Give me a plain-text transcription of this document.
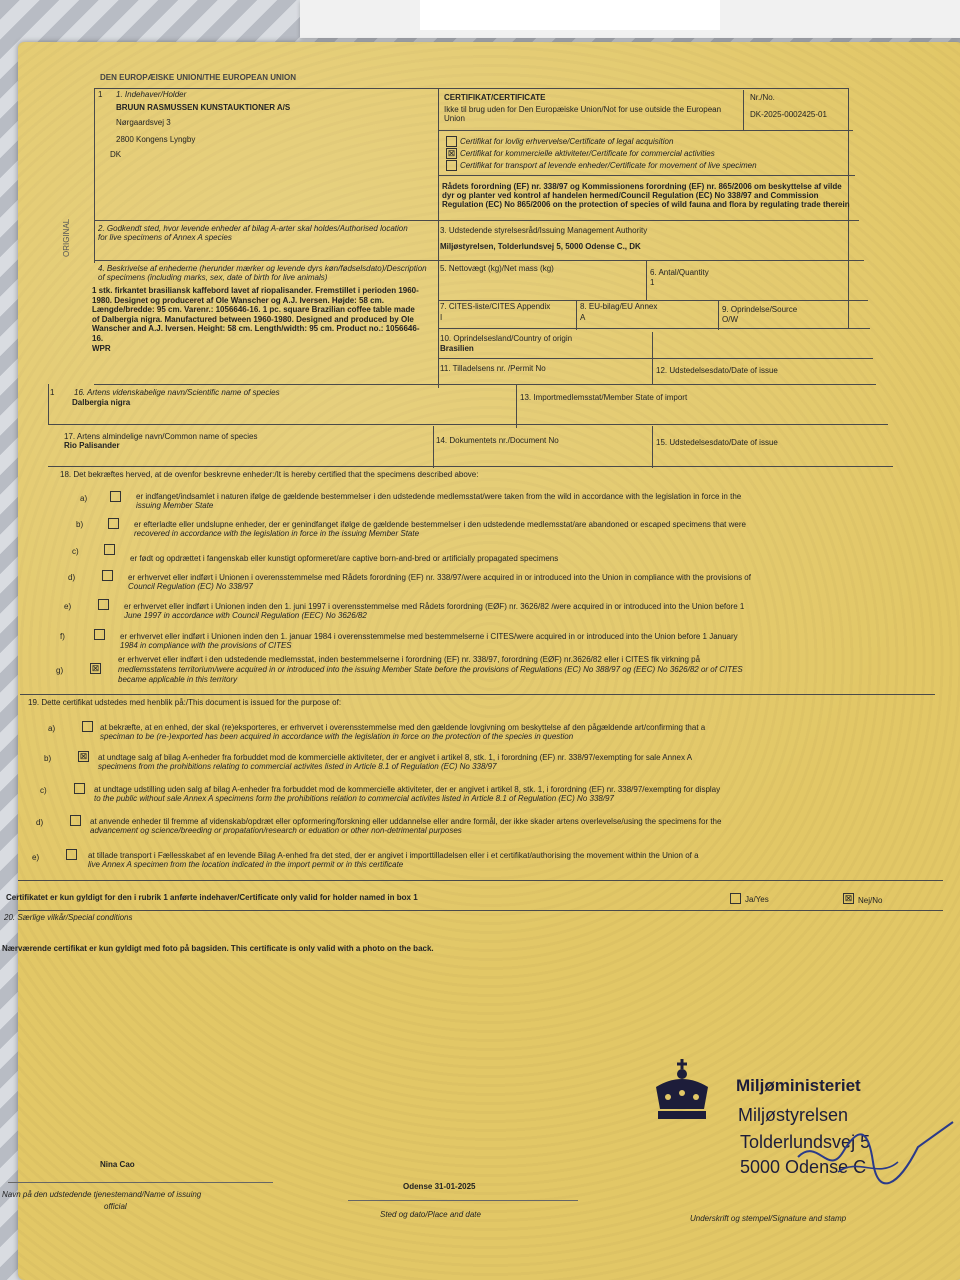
DEN EUROPÆISKE UNION/THE EUROPEAN UNION
ORIGINAL
1 1. Indehaver/Holder
BRUUN RASMUSSEN KUNSTAUKTIONER A/S
Nørgaardsvej 3
2800 Kongens Lyngby
DK
CERTIFIKAT/CERTIFICATE
Ikke til brug uden for Den Europæiske Union/Not for use outside the European Union
Nr./No.
DK-2025-0002425-01
Certifikat for lovlig erhvervelse/Certificate of legal acquisition
⊠ Certifikat for kommercielle aktiviteter/Certificate for commercial activities
Certifikat for transport af levende enheder/Certificate for movement of live specimen
Rådets forordning (EF) nr. 338/97 og Kommissionens forordning (EF) nr. 865/2006 om beskyttelse af vilde dyr og planter ved kontrol af handelen hermed/Council Regulation (EC) No 338/97 and Commission Regulation (EC) No 865/2006 on the protection of species of wild fauna and flora by regulating trade therein
2. Godkendt sted, hvor levende enheder af bilag A-arter skal holdes/Authorised location for live specimens of Annex A species
3. Udstedende styrelsesråd/Issuing Management Authority
Miljøstyrelsen, Tolderlundsvej 5, 5000 Odense C., DK
4. Beskrivelse af enhederne (herunder mærker og levende dyrs køn/fødselsdato)/Description of specimens (including marks, sex, date of birth for live animals)
1 stk. firkantet brasiliansk kaffebord lavet af riopalisander. Fremstillet i perioden 1960-1980. Designet og produceret af Ole Wanscher og A.J. Iversen. Højde: 58 cm. Længde/bredde: 95 cm. Varenr.: 1056646-16. 1 pc. square Brazilian coffee table made of Dalbergia nigra. Manufactured between 1960-1980. Designed and produced by Ole Wanscher and A.J. Iversen. Height: 58 cm. Length/width: 95 cm. Product no.: 1056646-16.
WPR
5. Nettovægt (kg)/Net mass (kg)	6. Antal/Quantity
1
7. CITES-liste/CITES Appendix
I
8. EU-bilag/EU Annex
A
9. Oprindelse/Source
O/W
10. Oprindelsesland/Country of origin
Brasilien
11. Tilladelsens nr. /Permit No	12. Udstedelsesdato/Date of issue
1 16. Artens videnskabelige navn/Scientific name of species
Dalbergia nigra
13. Importmedlemsstat/Member State of import
17. Artens almindelige navn/Common name of species
Rio Palisander
14. Dokumentets nr./Document No	15. Udstedelsesdato/Date of issue
18. Det bekræftes herved, at de ovenfor beskrevne enheder:/It is hereby certified that the specimens described above:
a)	er indfanget/indsamlet i naturen ifølge de gældende bestemmelser i den udstedende medlemsstat/were taken from the wild in accordance with the legislation in force in the
issuing Member State
b)	er efterladte eller undslupne enheder, der er genindfanget ifølge de gældende bestemmelser i den udstedende medlemsstat/are abandoned or escaped specimens that were
recovered in accordance with the legislation in force in the issuing Member State
c)
er født og opdrættet i fangenskab eller kunstigt opformeret/are captive born-and-bred or artificially propagated specimens
d)	er erhvervet eller indført i Unionen i overensstemmelse med Rådets forordning (EF) nr. 338/97/were acquired in or introduced into the Union in compliance with the provisions of
Council Regulation (EC) No 338/97
e)	er erhvervet eller indført i Unionen inden den 1. juni 1997 i overensstemmelse med Rådets forordning (EØF) nr. 3626/82 /were acquired in or introduced into the Union before 1
June 1997 in accordance with Council Regulation (EEC) No 3626/82
f)	er erhvervet eller indført i Unionen inden den 1. januar 1984 i overensstemmelse med bestemmelserne i CITES/were acquired in or introduced into the Union before 1 January
1984 in compliance with the provisions of CITES
g)	⊠
er erhvervet eller indført i den udstedende medlemsstat, inden bestemmelserne i forordning (EF) nr. 338/97, forordning (EØF) nr.3626/82 eller i CITES fik virkning på
medlemsstatens territorium/were acquired in or introduced into the issuing Member State before the provisions of Regulations (EC) No 388/97 og (EEC) No 3626/82 or of CITES
became applicable in this territory
19. Dette certifikat udstedes med henblik på:/This document is issued for the purpose of:
a)	at bekræfte, at en enhed, der skal (re)eksporteres, er erhvervet i overensstemmelse med den gældende lovgivning om beskyttelse af den pågældende art/confirming that a
speciman to be (re-)exported has been acquired in accordance with the legislation in force on the protection of the species in question
b)	⊠ at undtage salg af bilag A-enheder fra forbuddet mod de kommercielle aktiviteter, der er angivet i artikel 8, stk. 1, i forordning (EF) nr. 338/97/exempting for sale Annex A
specimens from the prohibitions relating to commercial activites listed in Article 8.1 of Regulation (EC) No 338/97
c)	at undtage udstilling uden salg af bilag A-enheder fra forbuddet mod de kommercielle aktiviteter, der er angivet i artikel 8, stk. 1, i forordning (EF) nr. 338/97/exempting for display
to the public without sale Annex A specimens form the prohibitions relation to commercial activites listed in Article 8.1 of Regulation (EC) No 338/97
d)	at anvende enheder til fremme af videnskab/opdræt eller opformering/forskning eller uddannelse eller andre formål, der ikke skader artens overlevelse/using the specimens for the
advancement og science/breeding or propatation/research or eduation or other non-detrimental purposes
e)	at tillade transport i Fællesskabet af en levende Bilag A-enhed fra det sted, der er angivet i importtilladelsen eller i et certifikat/authorising the movement within the Union of a
live Annex A specimen from the location indicated in the import permit or in this certificate
Certifikatet er kun gyldigt for den i rubrik 1 anførte indehaver/Certificate only valid for holder named in box 1	Ja/Yes	⊠ Nej/No
20. Særlige vilkår/Special conditions
Nærværende certifikat er kun gyldigt med foto på bagsiden. This certificate is only valid with a photo on the back.
Miljøministeriet
Miljøstyrelsen
Tolderlundsvej 5
5000 Odense C
Nina Cao
Navn på den udstedende tjenestemand/Name of issuing
official
Odense 31-01-2025
Sted og dato/Place and date	Underskrift og stempel/Signature and stamp
